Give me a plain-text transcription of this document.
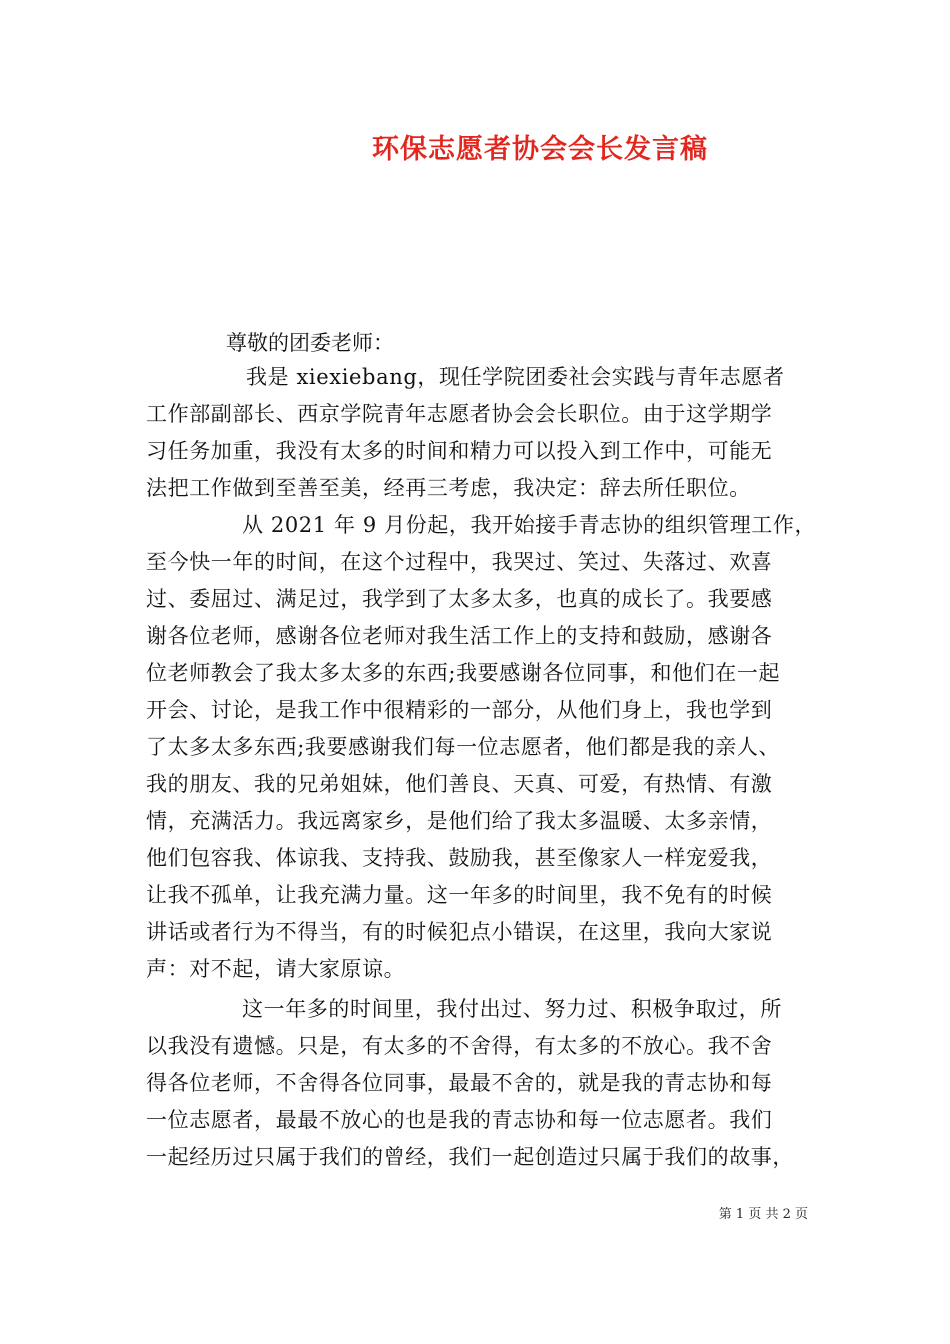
环保志愿者协会会长发言稿
尊敬的团委老师：
我是 xiexiebang，现任学院团委社会实践与青年志愿者
工作部副部长、西京学院青年志愿者协会会长职位。由于这学期学
习任务加重，我没有太多的时间和精力可以投入到工作中，可能无
法把工作做到至善至美，经再三考虑，我决定：辞去所任职位。
从 2021 年 9 月份起，我开始接手青志协的组织管理工作，
至今快一年的时间，在这个过程中，我哭过、笑过、失落过、欢喜
过、委屈过、满足过，我学到了太多太多，也真的成长了。我要感
谢各位老师，感谢各位老师对我生活工作上的支持和鼓励，感谢各
位老师教会了我太多太多的东西;我要感谢各位同事，和他们在一起
开会、讨论，是我工作中很精彩的一部分，从他们身上，我也学到
了太多太多东西;我要感谢我们每一位志愿者，他们都是我的亲人、
我的朋友、我的兄弟姐妹，他们善良、天真、可爱，有热情、有激
情，充满活力。我远离家乡，是他们给了我太多温暖、太多亲情，
他们包容我、体谅我、支持我、鼓励我，甚至像家人一样宠爱我，
让我不孤单，让我充满力量。这一年多的时间里，我不免有的时候
讲话或者行为不得当，有的时候犯点小错误，在这里，我向大家说
声：对不起，请大家原谅。
这一年多的时间里，我付出过、努力过、积极争取过，所
以我没有遗憾。只是，有太多的不舍得，有太多的不放心。我不舍
得各位老师，不舍得各位同事，最最不舍的，就是我的青志协和每
一位志愿者，最最不放心的也是我的青志协和每一位志愿者。我们
一起经历过只属于我们的曾经，我们一起创造过只属于我们的故事，
第 1 页 共 2 页
